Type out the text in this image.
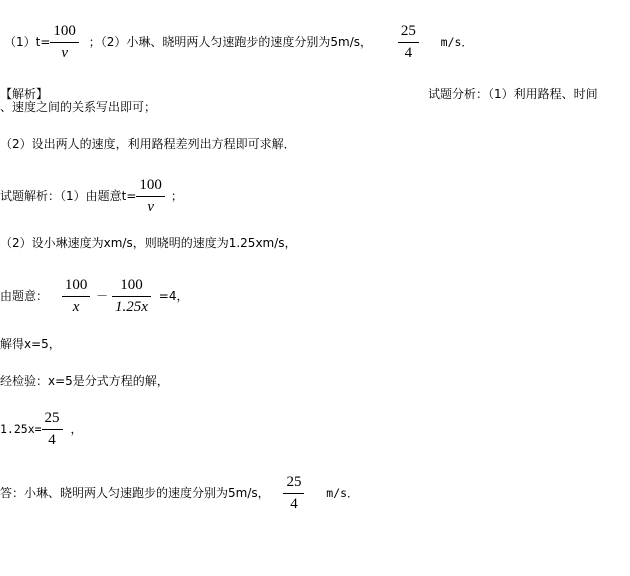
$(1)t= \frac{100}{v}$ ；（2）小琳、晓明两人匀速跑步的速度分别为5m/s， $\frac{25}{4} m/s$．
【解析】	试题分析：（1）利用路程、时间
、速度之间的关系写出即可；
（2）设出两人的速度，利用路程差列出方程即可求解．
试题解析：（1）由题意$t= \frac{100}{v}$ ；
（2）设小琳速度为xm/s，则晓明的速度为1.25xm/s，
由题意： $\frac{100}{x} - \frac{100}{1.25x} =4$，
解得x=5，
经检验：x=5是分式方程的解，
$1.25x= \frac{25}{4}$ ，
答：小琳、晓明两人匀速跑步的速度分别为5m/s， $\frac{25}{4} m/s$．
